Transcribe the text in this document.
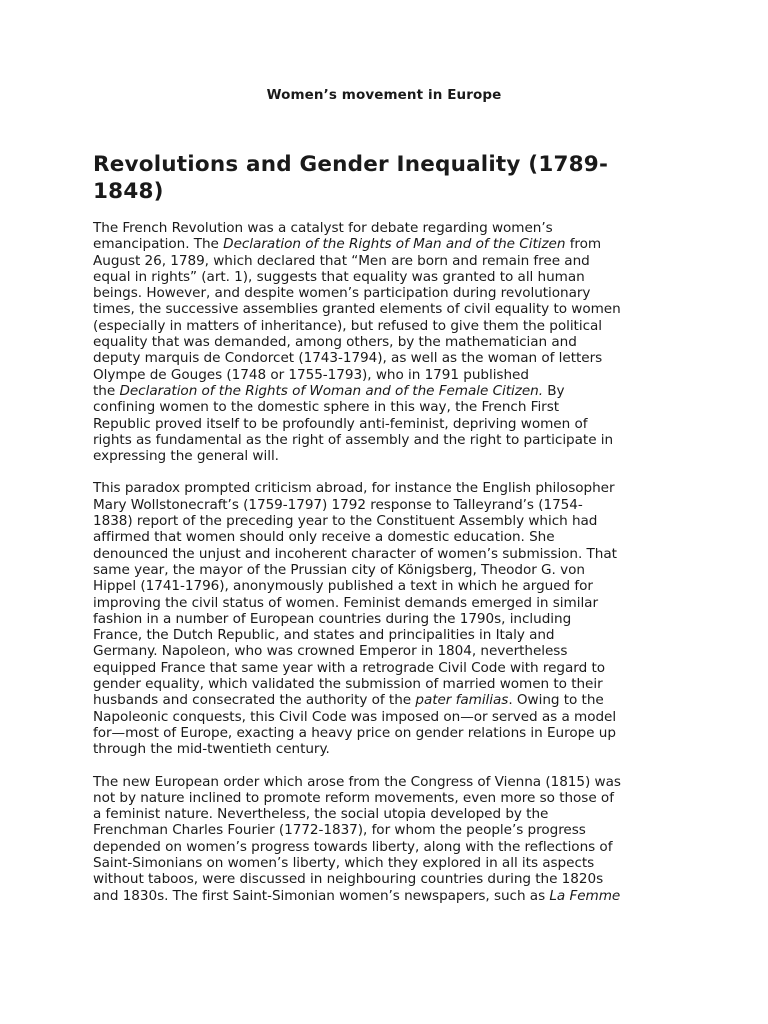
Women’s movement in Europe
Revolutions and Gender Inequality (1789-
1848)

The French Revolution was a catalyst for debate regarding women’s
emancipation. The Declaration of the Rights of Man and of the Citizen from
August 26, 1789, which declared that “Men are born and remain free and
equal in rights” (art. 1), suggests that equality was granted to all human
beings. However, and despite women’s participation during revolutionary
times, the successive assemblies granted elements of civil equality to women
(especially in matters of inheritance), but refused to give them the political
equality that was demanded, among others, by the mathematician and
deputy marquis de Condorcet (1743-1794), as well as the woman of letters
Olympe de Gouges (1748 or 1755-1793), who in 1791 published
the Declaration of the Rights of Woman and of the Female Citizen. By
confining women to the domestic sphere in this way, the French First
Republic proved itself to be profoundly anti-feminist, depriving women of
rights as fundamental as the right of assembly and the right to participate in
expressing the general will.

This paradox prompted criticism abroad, for instance the English philosopher
Mary Wollstonecraft’s (1759-1797) 1792 response to Talleyrand’s (1754-
1838) report of the preceding year to the Constituent Assembly which had
affirmed that women should only receive a domestic education. She
denounced the unjust and incoherent character of women’s submission. That
same year, the mayor of the Prussian city of Königsberg, Theodor G. von
Hippel (1741-1796), anonymously published a text in which he argued for
improving the civil status of women. Feminist demands emerged in similar
fashion in a number of European countries during the 1790s, including
France, the Dutch Republic, and states and principalities in Italy and
Germany. Napoleon, who was crowned Emperor in 1804, nevertheless
equipped France that same year with a retrograde Civil Code with regard to
gender equality, which validated the submission of married women to their
husbands and consecrated the authority of the pater familias. Owing to the
Napoleonic conquests, this Civil Code was imposed on—or served as a model
for—most of Europe, exacting a heavy price on gender relations in Europe up
through the mid-twentieth century.

The new European order which arose from the Congress of Vienna (1815) was
not by nature inclined to promote reform movements, even more so those of
a feminist nature. Nevertheless, the social utopia developed by the
Frenchman Charles Fourier (1772-1837), for whom the people’s progress
depended on women’s progress towards liberty, along with the reflections of
Saint-Simonians on women’s liberty, which they explored in all its aspects
without taboos, were discussed in neighbouring countries during the 1820s
and 1830s. The first Saint-Simonian women’s newspapers, such as La Femme
